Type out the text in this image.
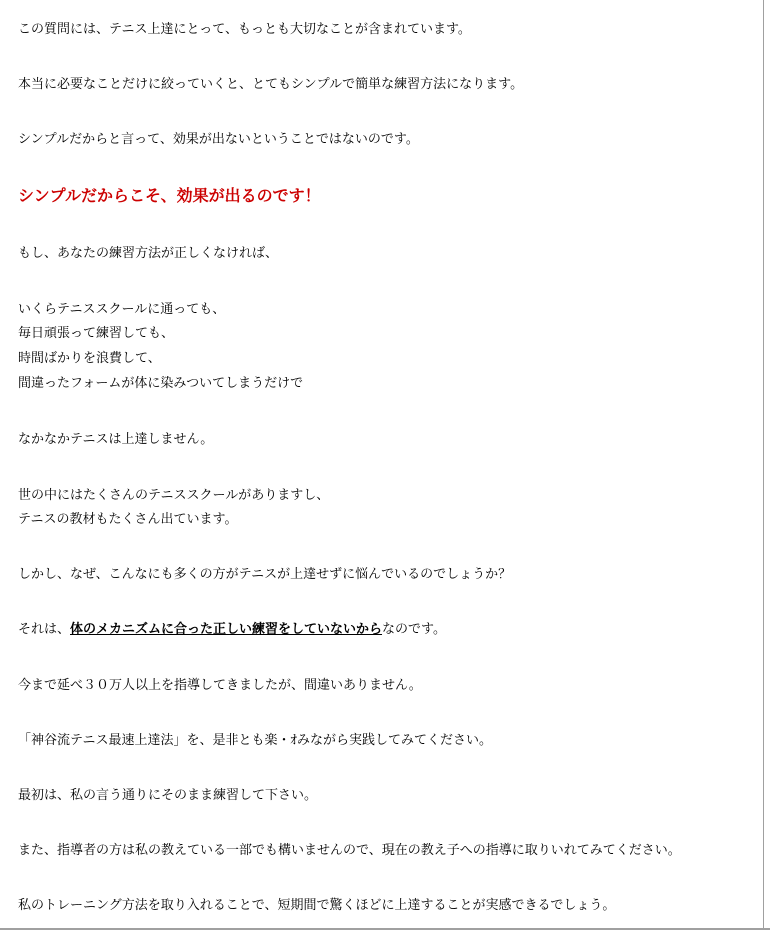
この質問には、テニス上達にとって、もっとも大切なことが含まれています。
本当に必要なことだけに絞っていくと、とてもシンプルで簡単な練習方法になります。
シンプルだからと言って、効果が出ないということではないのです。
シンプルだからこそ、効果が出るのです！
もし、あなたの練習方法が正しくなければ、
いくらテニススクールに通っても、
毎日頑張って練習しても、
時間ばかりを浪費して、
間違ったフォームが体に染みついてしまうだけで
なかなかテニスは上達しません。
世の中にはたくさんのテニススクールがありますし、
テニスの教材もたくさん出ています。
しかし、なぜ、こんなにも多くの方がテニスが上達せずに悩んでいるのでしょうか？
それは、体のメカニズムに合った正しい練習をしていないからなのです。
今まで延べ３０万人以上を指導してきましたが、間違いありません。
「神谷流テニス最速上達法」を、是非とも楽・ｵみながら実践してみてください。
最初は、私の言う通りにそのまま練習して下さい。
また、指導者の方は私の教えている一部でも構いませんので、現在の教え子への指導に取りいれてみてください。
私のトレーニング方法を取り入れることで、短期間で驚くほどに上達することが実感できるでしょう。
